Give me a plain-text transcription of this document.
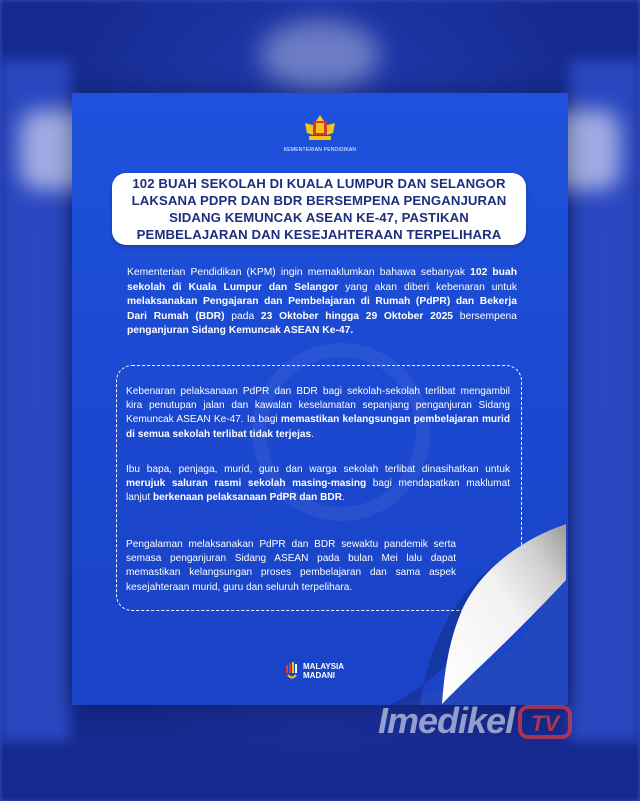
KEMENTERIAN PENDIDIKAN
102 BUAH SEKOLAH DI KUALA LUMPUR DAN SELANGOR
LAKSANA PDPR DAN BDR BERSEMPENA PENGANJURAN
SIDANG KEMUNCAK ASEAN KE-47, PASTIKAN
PEMBELAJARAN DAN KESEJAHTERAAN TERPELIHARA
Kementerian Pendidikan (KPM) ingin memaklumkan bahawa sebanyak 102 buah sekolah di Kuala Lumpur dan Selangor yang akan diberi kebenaran untuk melaksanakan Pengajaran dan Pembelajaran di Rumah (PdPR) dan Bekerja Dari Rumah (BDR) pada 23 Oktober hingga 29 Oktober 2025 bersempena penganjuran Sidang Kemuncak ASEAN Ke-47.
Kebenaran pelaksanaan PdPR dan BDR bagi sekolah-sekolah terlibat mengambil kira penutupan jalan dan kawalan keselamatan sepanjang penganjuran Sidang Kemuncak ASEAN Ke-47. Ia bagi memastikan kelangsungan pembelajaran murid di semua sekolah terlibat tidak terjejas.
Ibu bapa, penjaga, murid, guru dan warga sekolah terlibat dinasihatkan untuk merujuk saluran rasmi sekolah masing-masing bagi mendapatkan maklumat lanjut berkenaan pelaksanaan PdPR dan BDR.
Pengalaman melaksanakan PdPR dan BDR sewaktu pandemik serta semasa penganjuran Sidang ASEAN pada bulan Mei lalu dapat memastikan kelangsungan proses pembelajaran dan sama aspek kesejahteraan murid, guru dan seluruh terpelihara.
MALAYSIA
MADANI
Imedikel TV
